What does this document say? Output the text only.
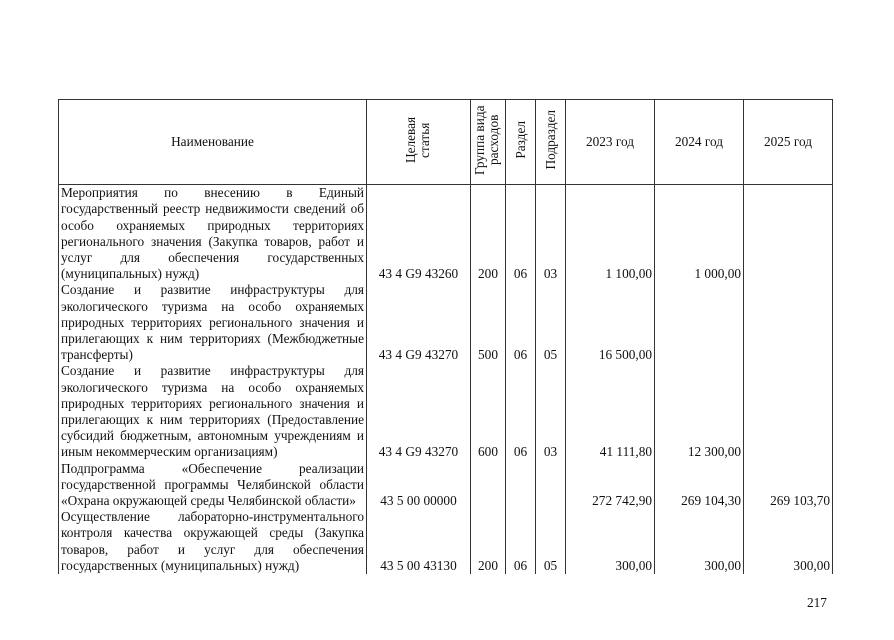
Наименование	Целевая статья	Группа вида расходов	Раздел	Подраздел	2023 год	2024 год	2025 год
Мероприятия по внесению в Единый государственный реестр недвижимости сведений об особо охраняемых природных территориях регионального значения (Закупка товаров, работ и услуг для обеспечения государственных (муниципальных) нужд)	43 4 G9 43260	200	06	03	1 100,00	1 000,00	
Создание и развитие инфраструктуры для экологического туризма на особо охраняемых природных территориях регионального значения и прилегающих к ним территориях (Межбюджетные трансферты)	43 4 G9 43270	500	06	05	16 500,00		
Создание и развитие инфраструктуры для экологического туризма на особо охраняемых природных территориях регионального значения и прилегающих к ним территориях (Предоставление субсидий бюджетным, автономным учреждениям и иным некоммерческим организациям)	43 4 G9 43270	600	06	03	41 111,80	12 300,00	
Подпрограмма «Обеспечение реализации государственной программы Челябинской области «Охрана окружающей среды Челябинской области»	43 5 00 00000				272 742,90	269 104,30	269 103,70
Осуществление лабораторно-инструментального контроля качества окружающей среды (Закупка товаров, работ и услуг для обеспечения государственных (муниципальных) нужд)	43 5 00 43130	200	06	05	300,00	300,00	300,00
217
